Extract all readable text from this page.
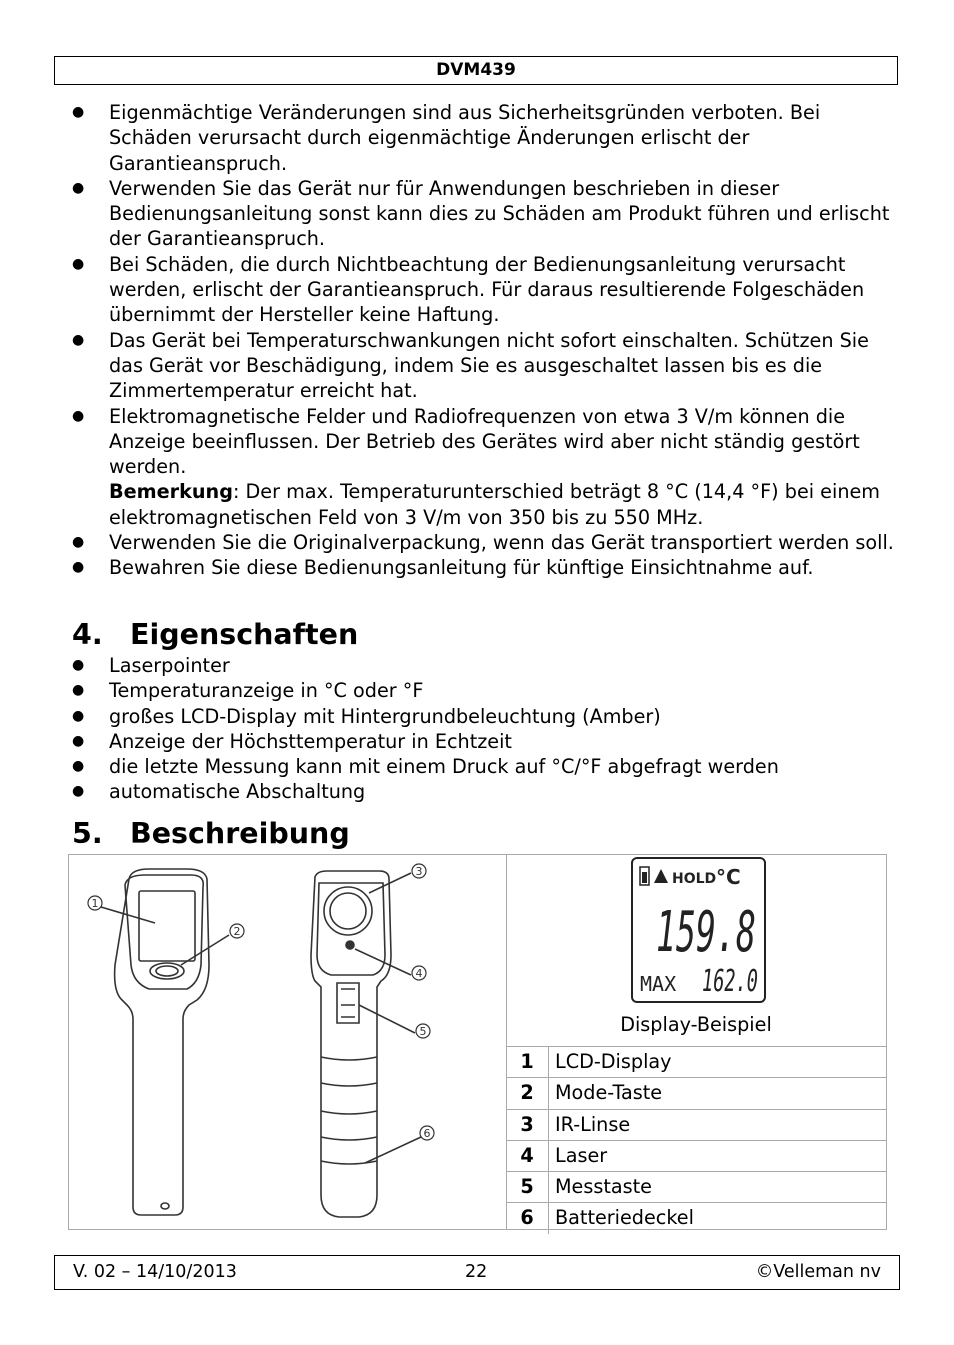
DVM439
● Eigenmächtige Veränderungen sind aus Sicherheitsgründen verboten. Bei Schäden verursacht durch eigenmächtige Änderungen erlischt der Garantieanspruch.
● Verwenden Sie das Gerät nur für Anwendungen beschrieben in dieser Bedienungsanleitung sonst kann dies zu Schäden am Produkt führen und erlischt der Garantieanspruch.
● Bei Schäden, die durch Nichtbeachtung der Bedienungsanleitung verursacht werden, erlischt der Garantieanspruch. Für daraus resultierende Folgeschäden übernimmt der Hersteller keine Haftung.
● Das Gerät bei Temperaturschwankungen nicht sofort einschalten. Schützen Sie das Gerät vor Beschädigung, indem Sie es ausgeschaltet lassen bis es die Zimmertemperatur erreicht hat.
● Elektromagnetische Felder und Radiofrequenzen von etwa 3 V/m können die Anzeige beeinflussen. Der Betrieb des Gerätes wird aber nicht ständig gestört werden.
Bemerkung: Der max. Temperaturunterschied beträgt 8 °C (14,4 °F) bei einem elektromagnetischen Feld von 3 V/m von 350 bis zu 550 MHz.
● Verwenden Sie die Originalverpackung, wenn das Gerät transportiert werden soll.
● Bewahren Sie diese Bedienungsanleitung für künftige Einsichtnahme auf.
4. Eigenschaften
● Laserpointer
● Temperaturanzeige in °C oder °F
● großes LCD-Display mit Hintergrundbeleuchtung (Amber)
● Anzeige der Höchsttemperatur in Echtzeit
● die letzte Messung kann mit einem Druck auf °C/°F abgefragt werden
● automatische Abschaltung
5. Beschreibung
1
2
3
4
5
6
HOLD °C
159.8
MAX 162.0
Display-Beispiel
1	LCD-Display
2	Mode-Taste
3	IR-Linse
4	Laser
5	Messtaste
6	Batteriedeckel
V. 02 – 14/10/2013	22	©Velleman nv
